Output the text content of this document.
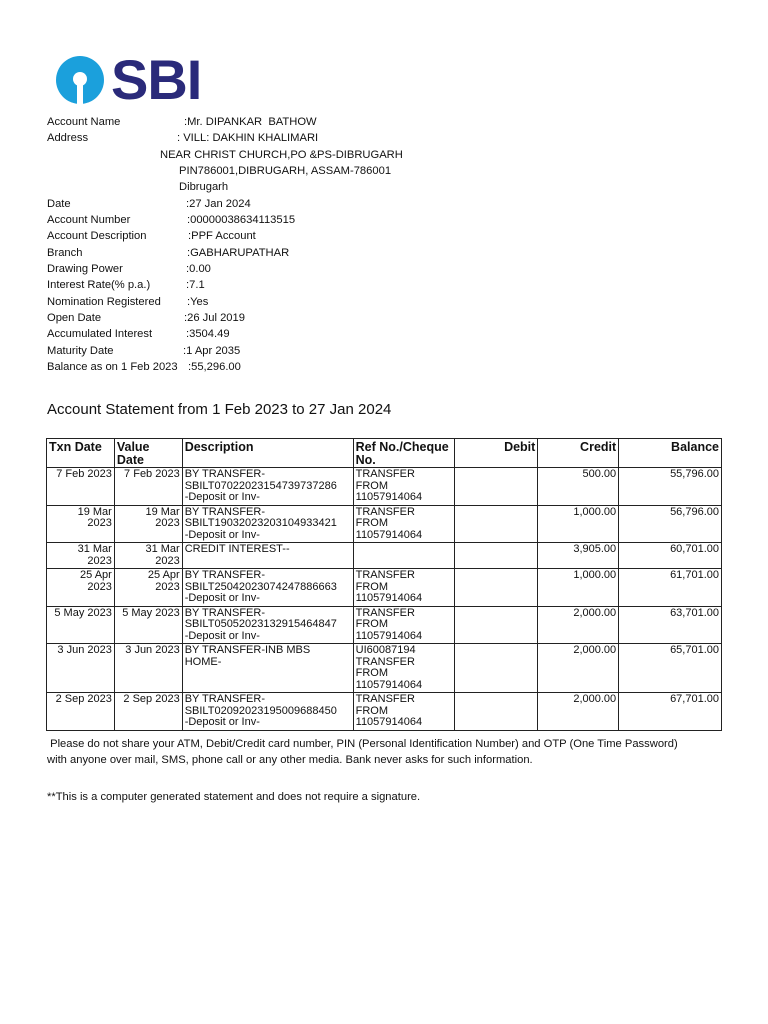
SBI
Account Name	:Mr. DIPANKAR  BATHOW
Address	: VILL: DAKHIN KHALIMARI
NEAR CHRIST CHURCH,PO &PS-DIBRUGARH
PIN786001,DIBRUGARH, ASSAM-786001
Dibrugarh
Date	:27 Jan 2024
Account Number	:00000038634113515
Account Description	:PPF Account
Branch	:GABHARUPATHAR
Drawing Power	:0.00
Interest Rate(% p.a.)	:7.1
Nomination Registered :Yes
Open Date	:26 Jul 2019
Accumulated Interest	:3504.49
Maturity Date	:1 Apr 2035
Balance as on 1 Feb 2023 :55,296.00
Account Statement from 1 Feb 2023 to 27 Jan 2024
Txn Date	Value
Date	Description	Ref No./Cheque
No.	Debit	Credit	Balance

7 Feb 2023	7 Feb 2023	BY TRANSFER-
SBILT07022023154739737286
-Deposit or Inv-	TRANSFER
FROM
11057914064		500.00	55,796.00

19 Mar
2023	19 Mar
2023	BY TRANSFER-
SBILT19032023203104933421
-Deposit or Inv-	TRANSFER
FROM
11057914064		1,000.00	56,796.00

31 Mar
2023	31 Mar
2023	CREDIT INTEREST--			3,905.00	60,701.00

25 Apr
2023	25 Apr
2023	BY TRANSFER-
SBILT25042023074247886663
-Deposit or Inv-	TRANSFER
FROM
11057914064		1,000.00	61,701.00

5 May 2023	5 May 2023	BY TRANSFER-
SBILT05052023132915464847
-Deposit or Inv-	TRANSFER
FROM
11057914064		2,000.00	63,701.00

3 Jun 2023	3 Jun 2023	BY TRANSFER-INB MBS
HOME-	UI60087194
TRANSFER
FROM
11057914064		2,000.00	65,701.00

2 Sep 2023	2 Sep 2023	BY TRANSFER-
SBILT02092023195009688450
-Deposit or Inv-	TRANSFER
FROM
11057914064		2,000.00	67,701.00
Please do not share your ATM, Debit/Credit card number, PIN (Personal Identification Number) and OTP (One Time Password)
with anyone over mail, SMS, phone call or any other media. Bank never asks for such information.
**This is a computer generated statement and does not require a signature.
